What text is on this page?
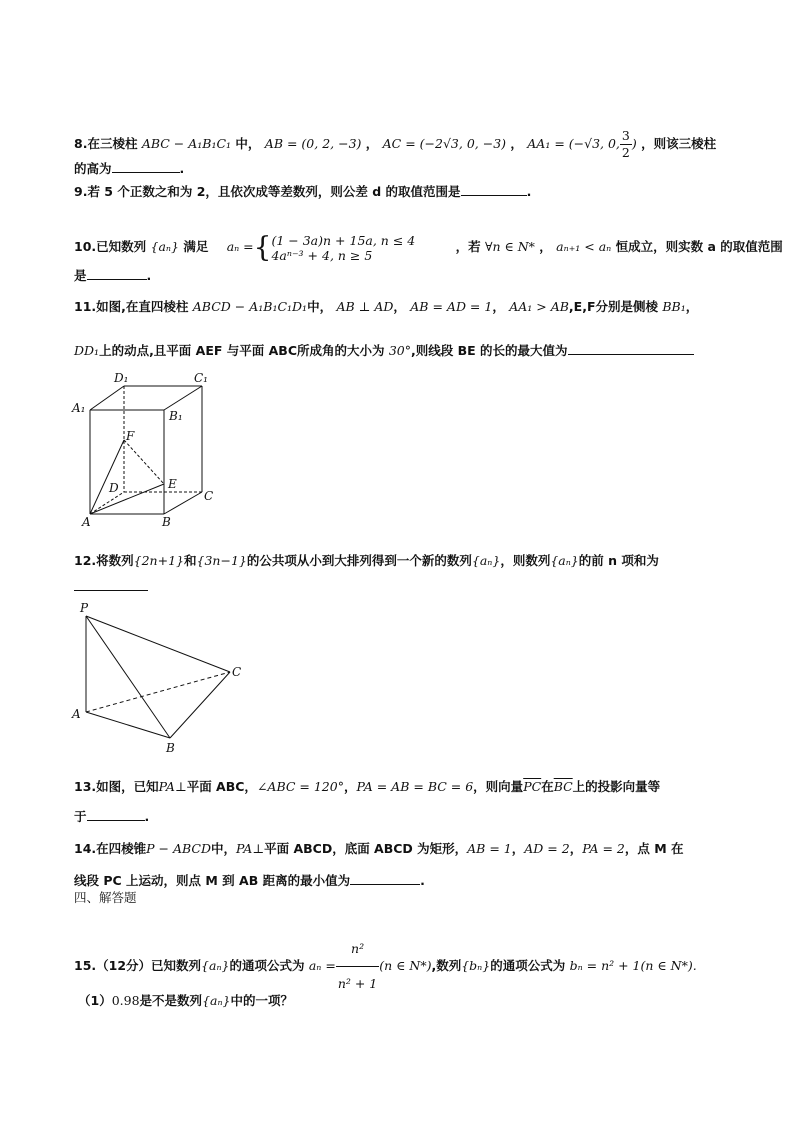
8.在三棱柱 ABC − A₁B₁C₁ 中， AB = (0, 2, −3) ， AC = (−2√3, 0, −3) ， AA₁ = (−√3, 0, $\frac{3}{2}$ ) ，则该三棱柱
的高为	.
9.若 5 个正数之和为 2，且依次成等差数列，则公差 d 的取值范围是	.
10.已知数列 {aₙ} 满足 aₙ ={ (1 − 3a)n + 15a, n ≤ 4
4aⁿ⁻³ + 4, n ≥ 5
，若 ∀n ∈ N* ， aₙ₊₁ < aₙ 恒成立，则实数 a 的取值范围
是	.
11.如图,在直四棱柱 ABCD − A₁B₁C₁D₁中， AB ⊥ AD， AB = AD = 1， AA₁ > AB,E,F分别是侧棱 BB₁，
DD₁上的动点,且平面 AEF 与平面 ABC所成角的大小为 30°,则线段 BE 的长的最大值为
D₁	C₁
A₁
B₁
F
D	E
C
A	B
12.将数列{2n+1}和{3n−1}的公共项从小到大排列得到一个新的数列{aₙ}，则数列{aₙ}的前 n 项和为
P
C
A
B
13.如图，已知PA⊥平面 ABC，∠ABC = 120°，PA = AB = BC = 6，则向量$\overline{PC}$在$\overline{BC}$上的投影向量等
于	.
14.在四棱锥P − ABCD中，PA⊥平面 ABCD，底面 ABCD 为矩形，AB = 1，AD = 2，PA = 2，点 M 在
线段 PC 上运动，则点 M 到 AB 距离的最小值为	.
四、解答题
15.（12分）已知数列{aₙ}的通项公式为 $a_n = \frac{\text{n²}}{\text{n² + 1}} (n$ ∈ N*),数列{bₙ}的通项公式为 bₙ = n² + 1(n ∈ N*).
（1）0.98是不是数列{aₙ}中的一项？
